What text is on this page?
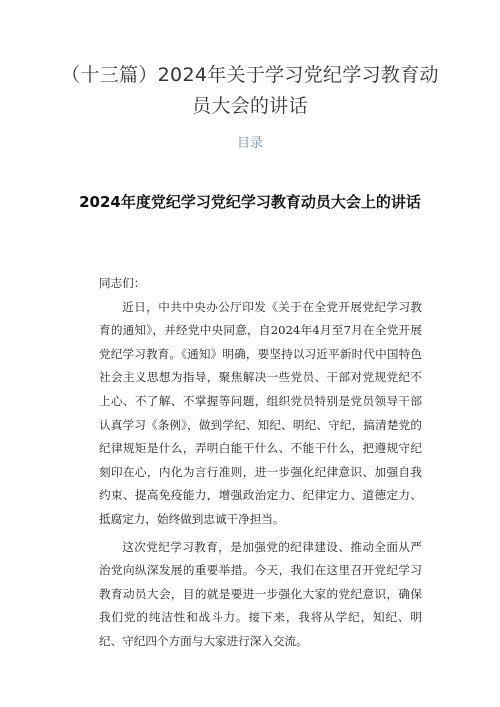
（十三篇）2024年关于学习党纪学习教育动员大会的讲话
目录
2024年度党纪学习党纪学习教育动员大会上的讲话

同志们：

近日，中共中央办公厅印发《关于在全党开展党纪学习教育的通知》，并经党中央同意，自2024年4月至7月在全党开展党纪学习教育。《通知》明确，要坚持以习近平新时代中国特色社会主义思想为指导，聚焦解决一些党员、干部对党规党纪不上心、不了解、不掌握等问题，组织党员特别是党员领导干部认真学习《条例》，做到学纪、知纪、明纪、守纪，搞清楚党的纪律规矩是什么，弄明白能干什么、不能干什么，把遵规守纪刻印在心，内化为言行准则，进一步强化纪律意识、加强自我约束、提高免疫能力，增强政治定力、纪律定力、道德定力、抵腐定力，始终做到忠诚干净担当。

这次党纪学习教育，是加强党的纪律建设、推动全面从严治党向纵深发展的重要举措。今天，我们在这里召开党纪学习教育动员大会，目的就是要进一步强化大家的党纪意识，确保我们党的纯洁性和战斗力。接下来，我将从学纪，知纪、明纪、守纪四个方面与大家进行深入交流。
